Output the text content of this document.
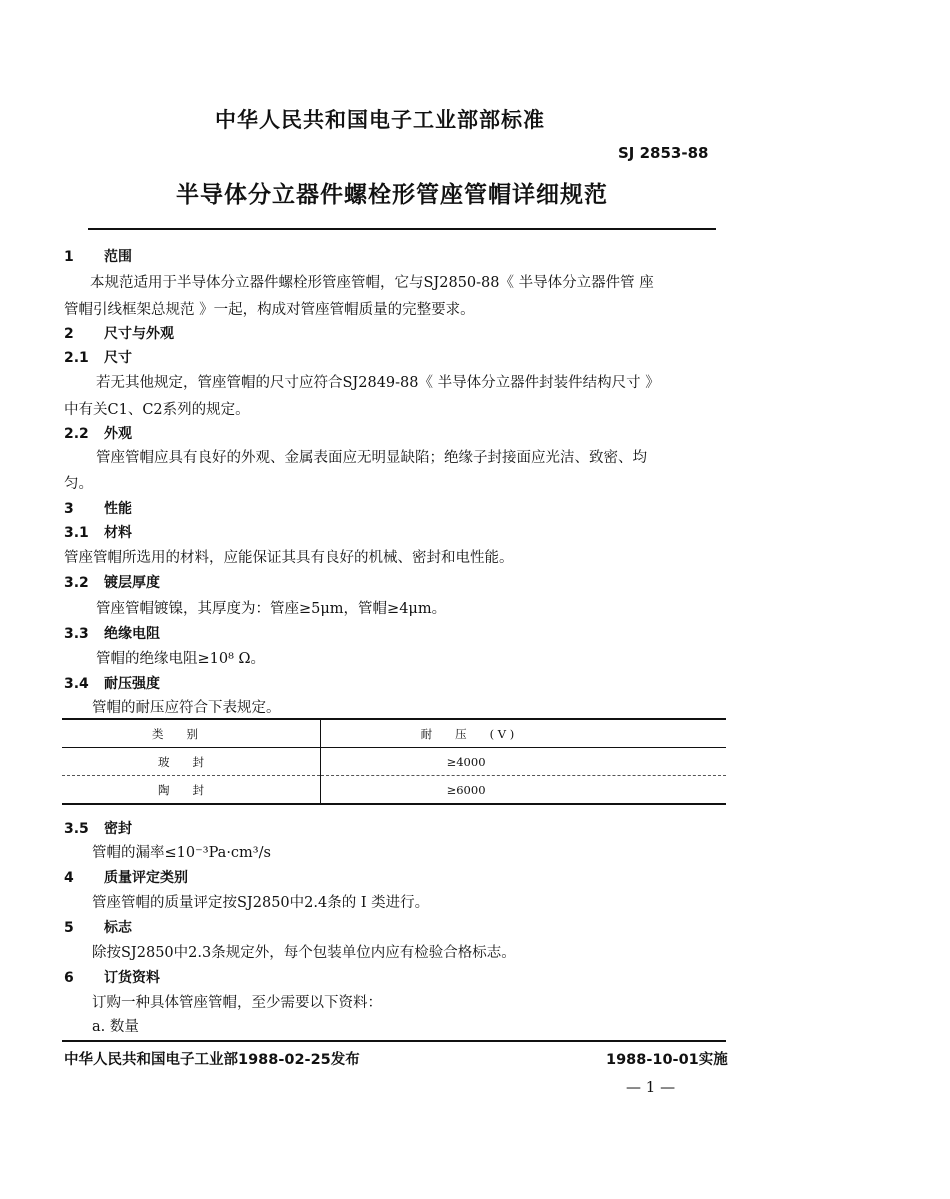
中华人民共和国电子工业部部标准
SJ 2853-88
半导体分立器件螺栓形管座管帽详细规范
1 范围
本规范适用于半导体分立器件螺栓形管座管帽，它与SJ2850-88《 半导体分立器件管 座
管帽引线框架总规范 》一起，构成对管座管帽质量的完整要求。
2 尺寸与外观
2.1 尺寸
若无其他规定，管座管帽的尺寸应符合SJ2849-88《 半导体分立器件封装件结构尺寸 》
中有关C1、C2系列的规定。
2.2 外观
管座管帽应具有良好的外观、金属表面应无明显缺陷；绝缘子封接面应光洁、致密、均
匀。
3 性能
3.1 材料
管座管帽所选用的材料，应能保证其具有良好的机械、密封和电性能。
3.2 镀层厚度
管座管帽镀镍，其厚度为：管座≥5μm，管帽≥4μm。
3.3 绝缘电阻
管帽的绝缘电阻≥10⁸ Ω。
3.4 耐压强度
管帽的耐压应符合下表规定。
类　　别	耐　　压　　( V )
玻　　封	≥4000
陶　　封	≥6000
3.5 密封
管帽的漏率≤10⁻³Pa·cm³/s
4 质量评定类别
管座管帽的质量评定按SJ2850中2.4条的 Ⅰ 类进行。
5 标志
除按SJ2850中2.3条规定外，每个包装单位内应有检验合格标志。
6 订货资料
订购一种具体管座管帽，至少需要以下资料：
a. 数量
中华人民共和国电子工业部1988-02-25发布	1988-10-01实施
— 1 —
